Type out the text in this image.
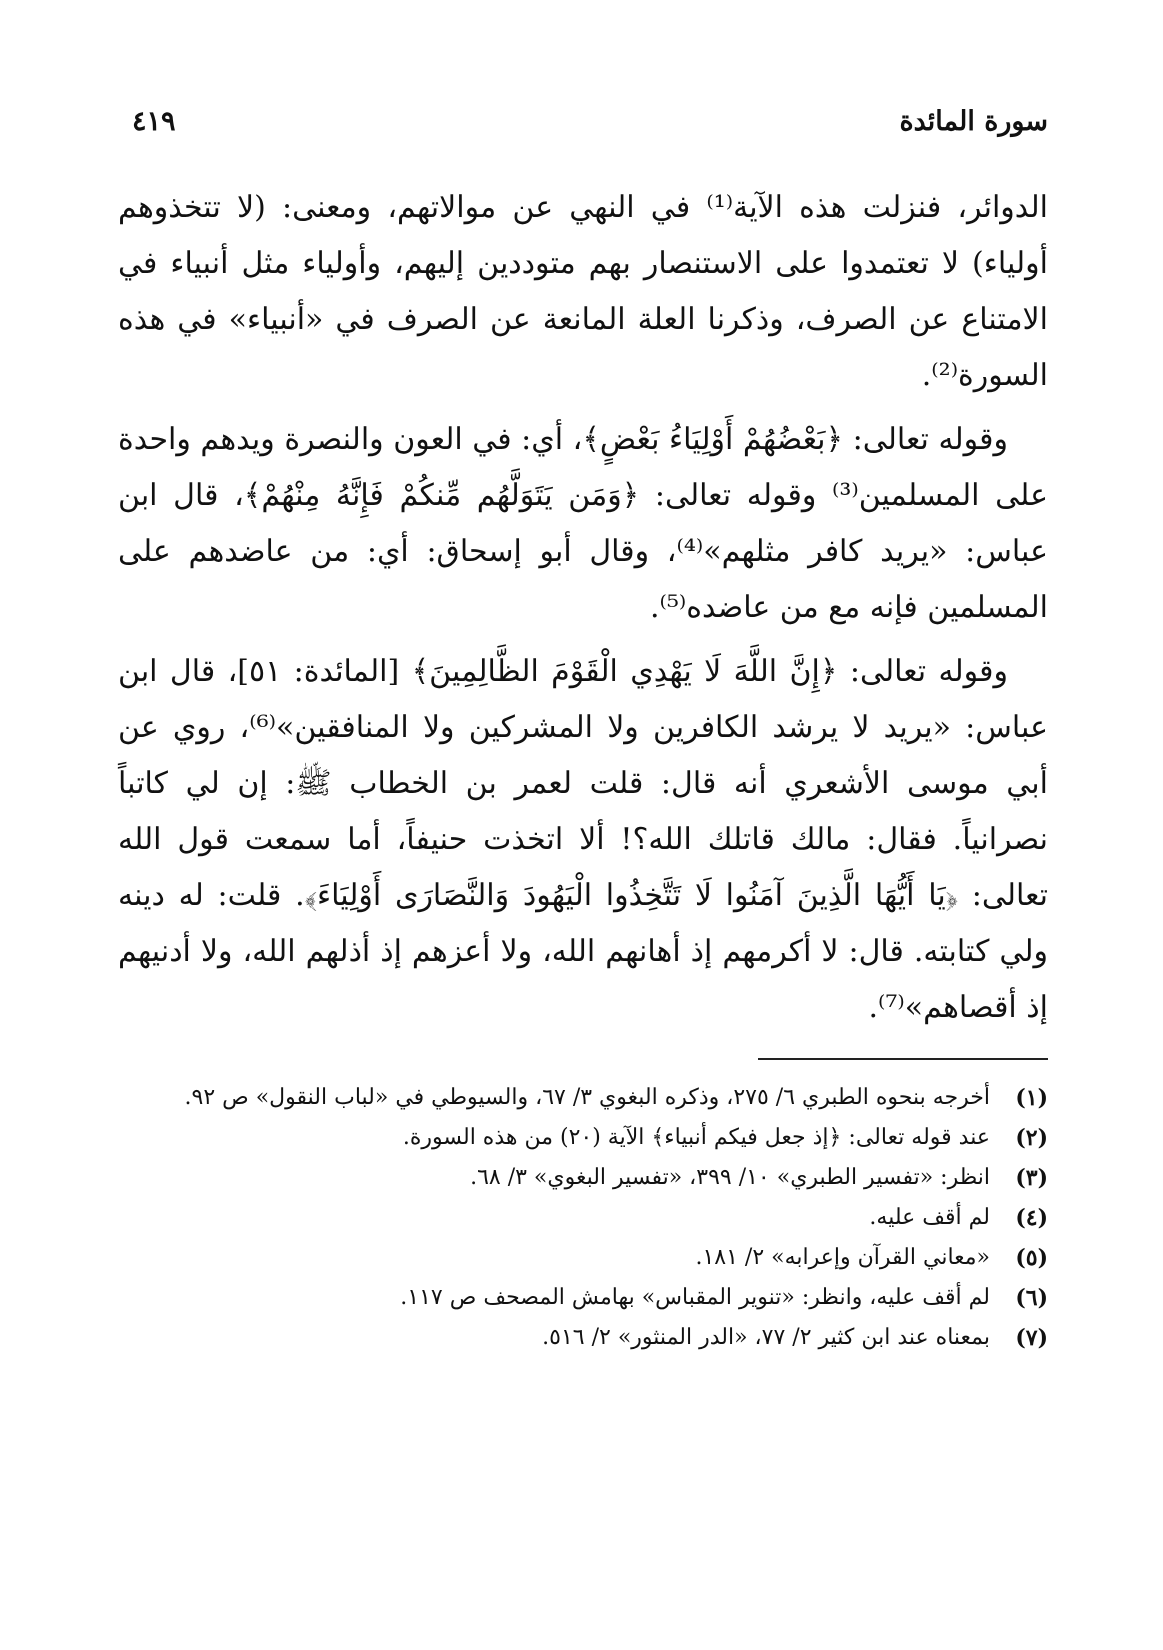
سورة المائدة
٤١٩

الدوائر، فنزلت هذه الآية⁽¹⁾ في النهي عن موالاتهم، ومعنى: (لا تتخذوهم أولياء) لا تعتمدوا على الاستنصار بهم متوددين إليهم، وأولياء مثل أنبياء في الامتناع عن الصرف، وذكرنا العلة المانعة عن الصرف في «أنبياء» في هذه السورة⁽²⁾.

وقوله تعالى: ﴿بَعْضُهُمْ أَوْلِيَاءُ بَعْضٍ﴾، أي: في العون والنصرة ويدهم واحدة على المسلمين⁽³⁾ وقوله تعالى: ﴿وَمَن يَتَوَلَّهُم مِّنكُمْ فَإِنَّهُ مِنْهُمْ﴾، قال ابن عباس: «يريد كافر مثلهم»⁽⁴⁾، وقال أبو إسحاق: أي: من عاضدهم على المسلمين فإنه مع من عاضده⁽⁵⁾.

وقوله تعالى: ﴿إِنَّ اللَّهَ لَا يَهْدِي الْقَوْمَ الظَّالِمِينَ﴾ [المائدة: ٥١]، قال ابن عباس: «يريد لا يرشد الكافرين ولا المشركين ولا المنافقين»⁽⁶⁾، روي عن أبي موسى الأشعري أنه قال: قلت لعمر بن الخطاب ﷺ: إن لي كاتباً نصرانياً. فقال: مالك قاتلك الله؟! ألا اتخذت حنيفاً، أما سمعت قول الله تعالى: ﴿يَا أَيُّهَا الَّذِينَ آمَنُوا لَا تَتَّخِذُوا الْيَهُودَ وَالنَّصَارَى أَوْلِيَاءَ﴾. قلت: له دينه ولي كتابته. قال: لا أكرمهم إذ أهانهم الله، ولا أعزهم إذ أذلهم الله، ولا أدنيهم إذ أقصاهم»⁽⁷⁾.

(١)
أخرجه بنحوه الطبري ٦/ ٢٧٥، وذكره البغوي ٣/ ٦٧، والسيوطي في «لباب النقول» ص ٩٢.
(٢)
عند قوله تعالى: ﴿إذ جعل فيكم أنبياء﴾ الآية (٢٠) من هذه السورة.
(٣)
انظر: «تفسير الطبري» ١٠/ ٣٩٩، «تفسير البغوي» ٣/ ٦٨.
(٤)
لم أقف عليه.
(٥)
«معاني القرآن وإعرابه» ٢/ ١٨١.
(٦)
لم أقف عليه، وانظر: «تنوير المقباس» بهامش المصحف ص ١١٧.
(٧)
بمعناه عند ابن كثير ٢/ ٧٧، «الدر المنثور» ٢/ ٥١٦.
